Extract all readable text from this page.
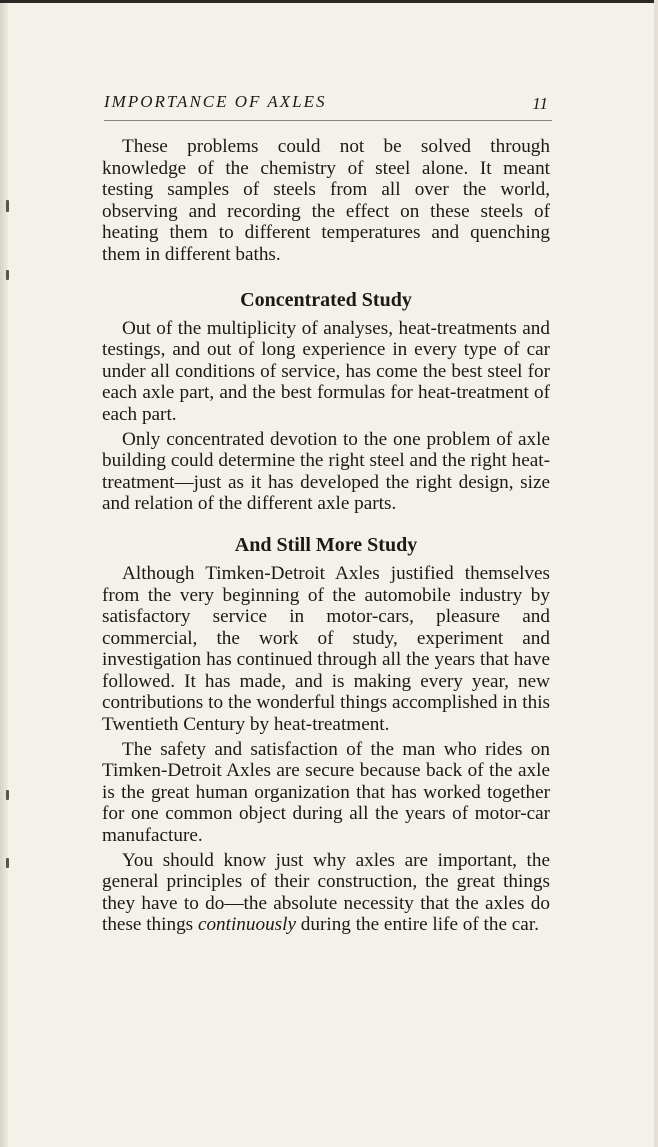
IMPORTANCE OF AXLES	11

These problems could not be solved through knowledge of the chemistry of steel alone. It meant testing samples of steels from all over the world, observing and recording the effect on these steels of heating them to different temperatures and quenching them in different baths.

Concentrated Study

Out of the multiplicity of analyses, heat-treatments and testings, and out of long experience in every type of car under all conditions of service, has come the best steel for each axle part, and the best formulas for heat-treatment of each part.

Only concentrated devotion to the one problem of axle building could determine the right steel and the right heat-treatment—just as it has developed the right design, size and relation of the different axle parts.

And Still More Study

Although Timken-Detroit Axles justified themselves from the very beginning of the automobile industry by satisfactory service in motor-cars, pleasure and commercial, the work of study, experiment and investigation has continued through all the years that have followed. It has made, and is making every year, new contributions to the wonderful things accomplished in this Twentieth Century by heat-treatment.

The safety and satisfaction of the man who rides on Timken-Detroit Axles are secure because back of the axle is the great human organization that has worked together for one common object during all the years of motor-car manufacture.

You should know just why axles are important, the general principles of their construction, the great things they have to do—the absolute necessity that the axles do these things continuously during the entire life of the car.
